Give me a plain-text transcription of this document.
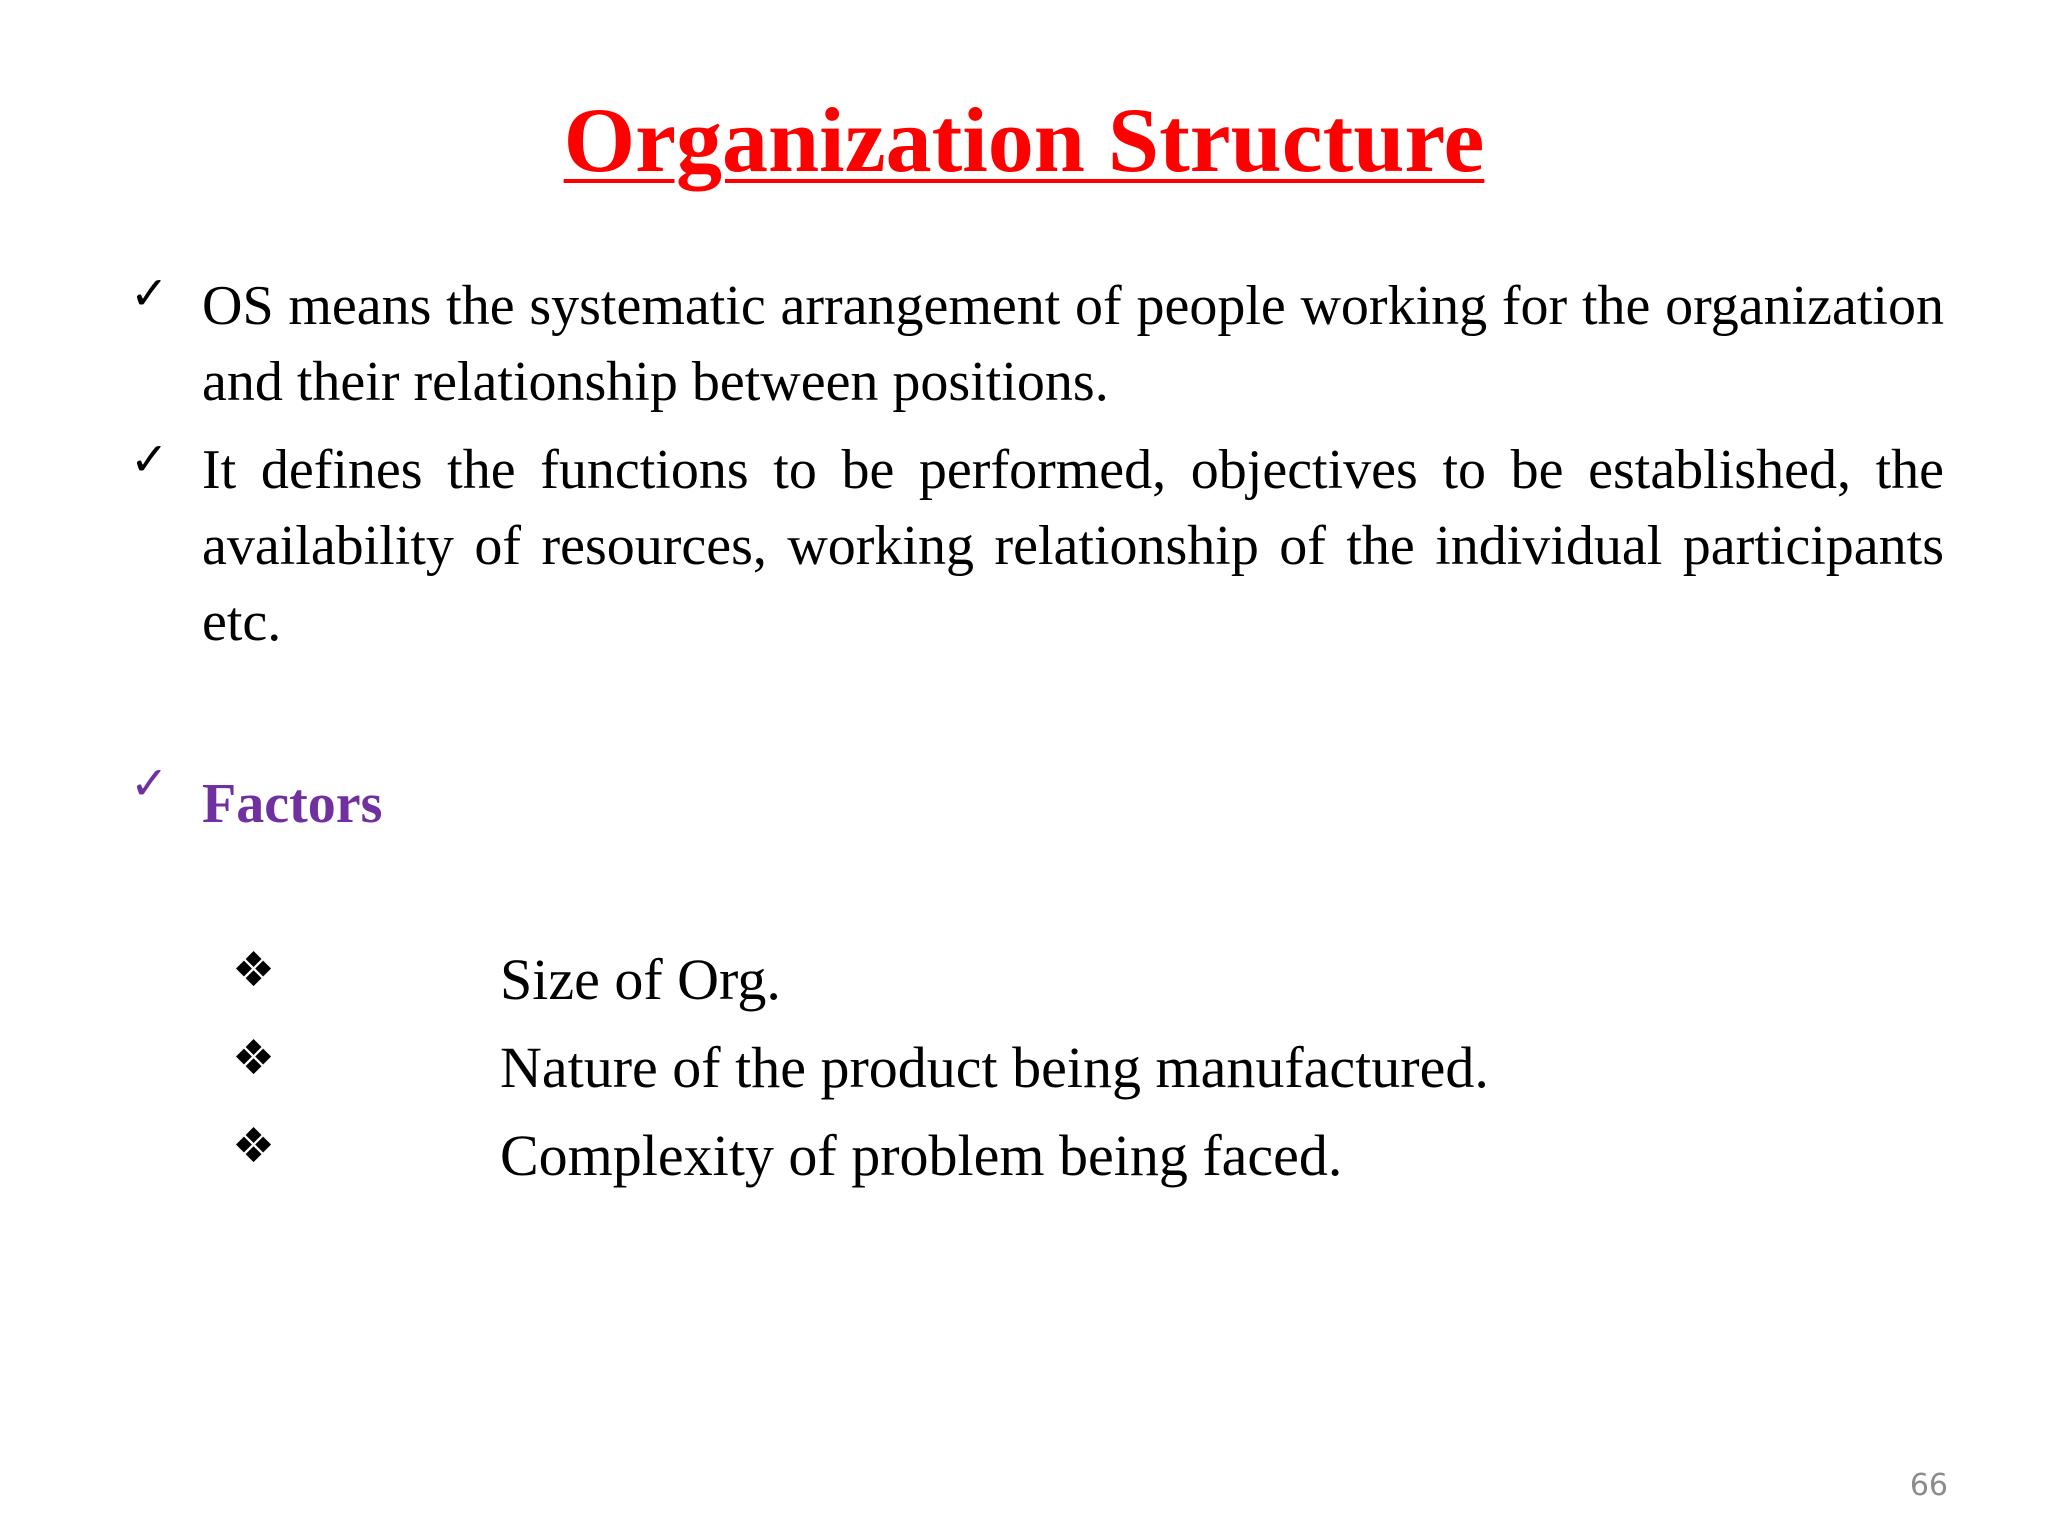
Organization Structure
✓ OS means the systematic arrangement of people working for the organization and their relationship between positions.

✓ It defines the functions to be performed, objectives to be established, the availability of resources, working relationship of the individual participants etc.

✓ Factors

❖	Size of Org.
❖	Nature of the product being manufactured.
❖	Complexity of problem being faced.
66
